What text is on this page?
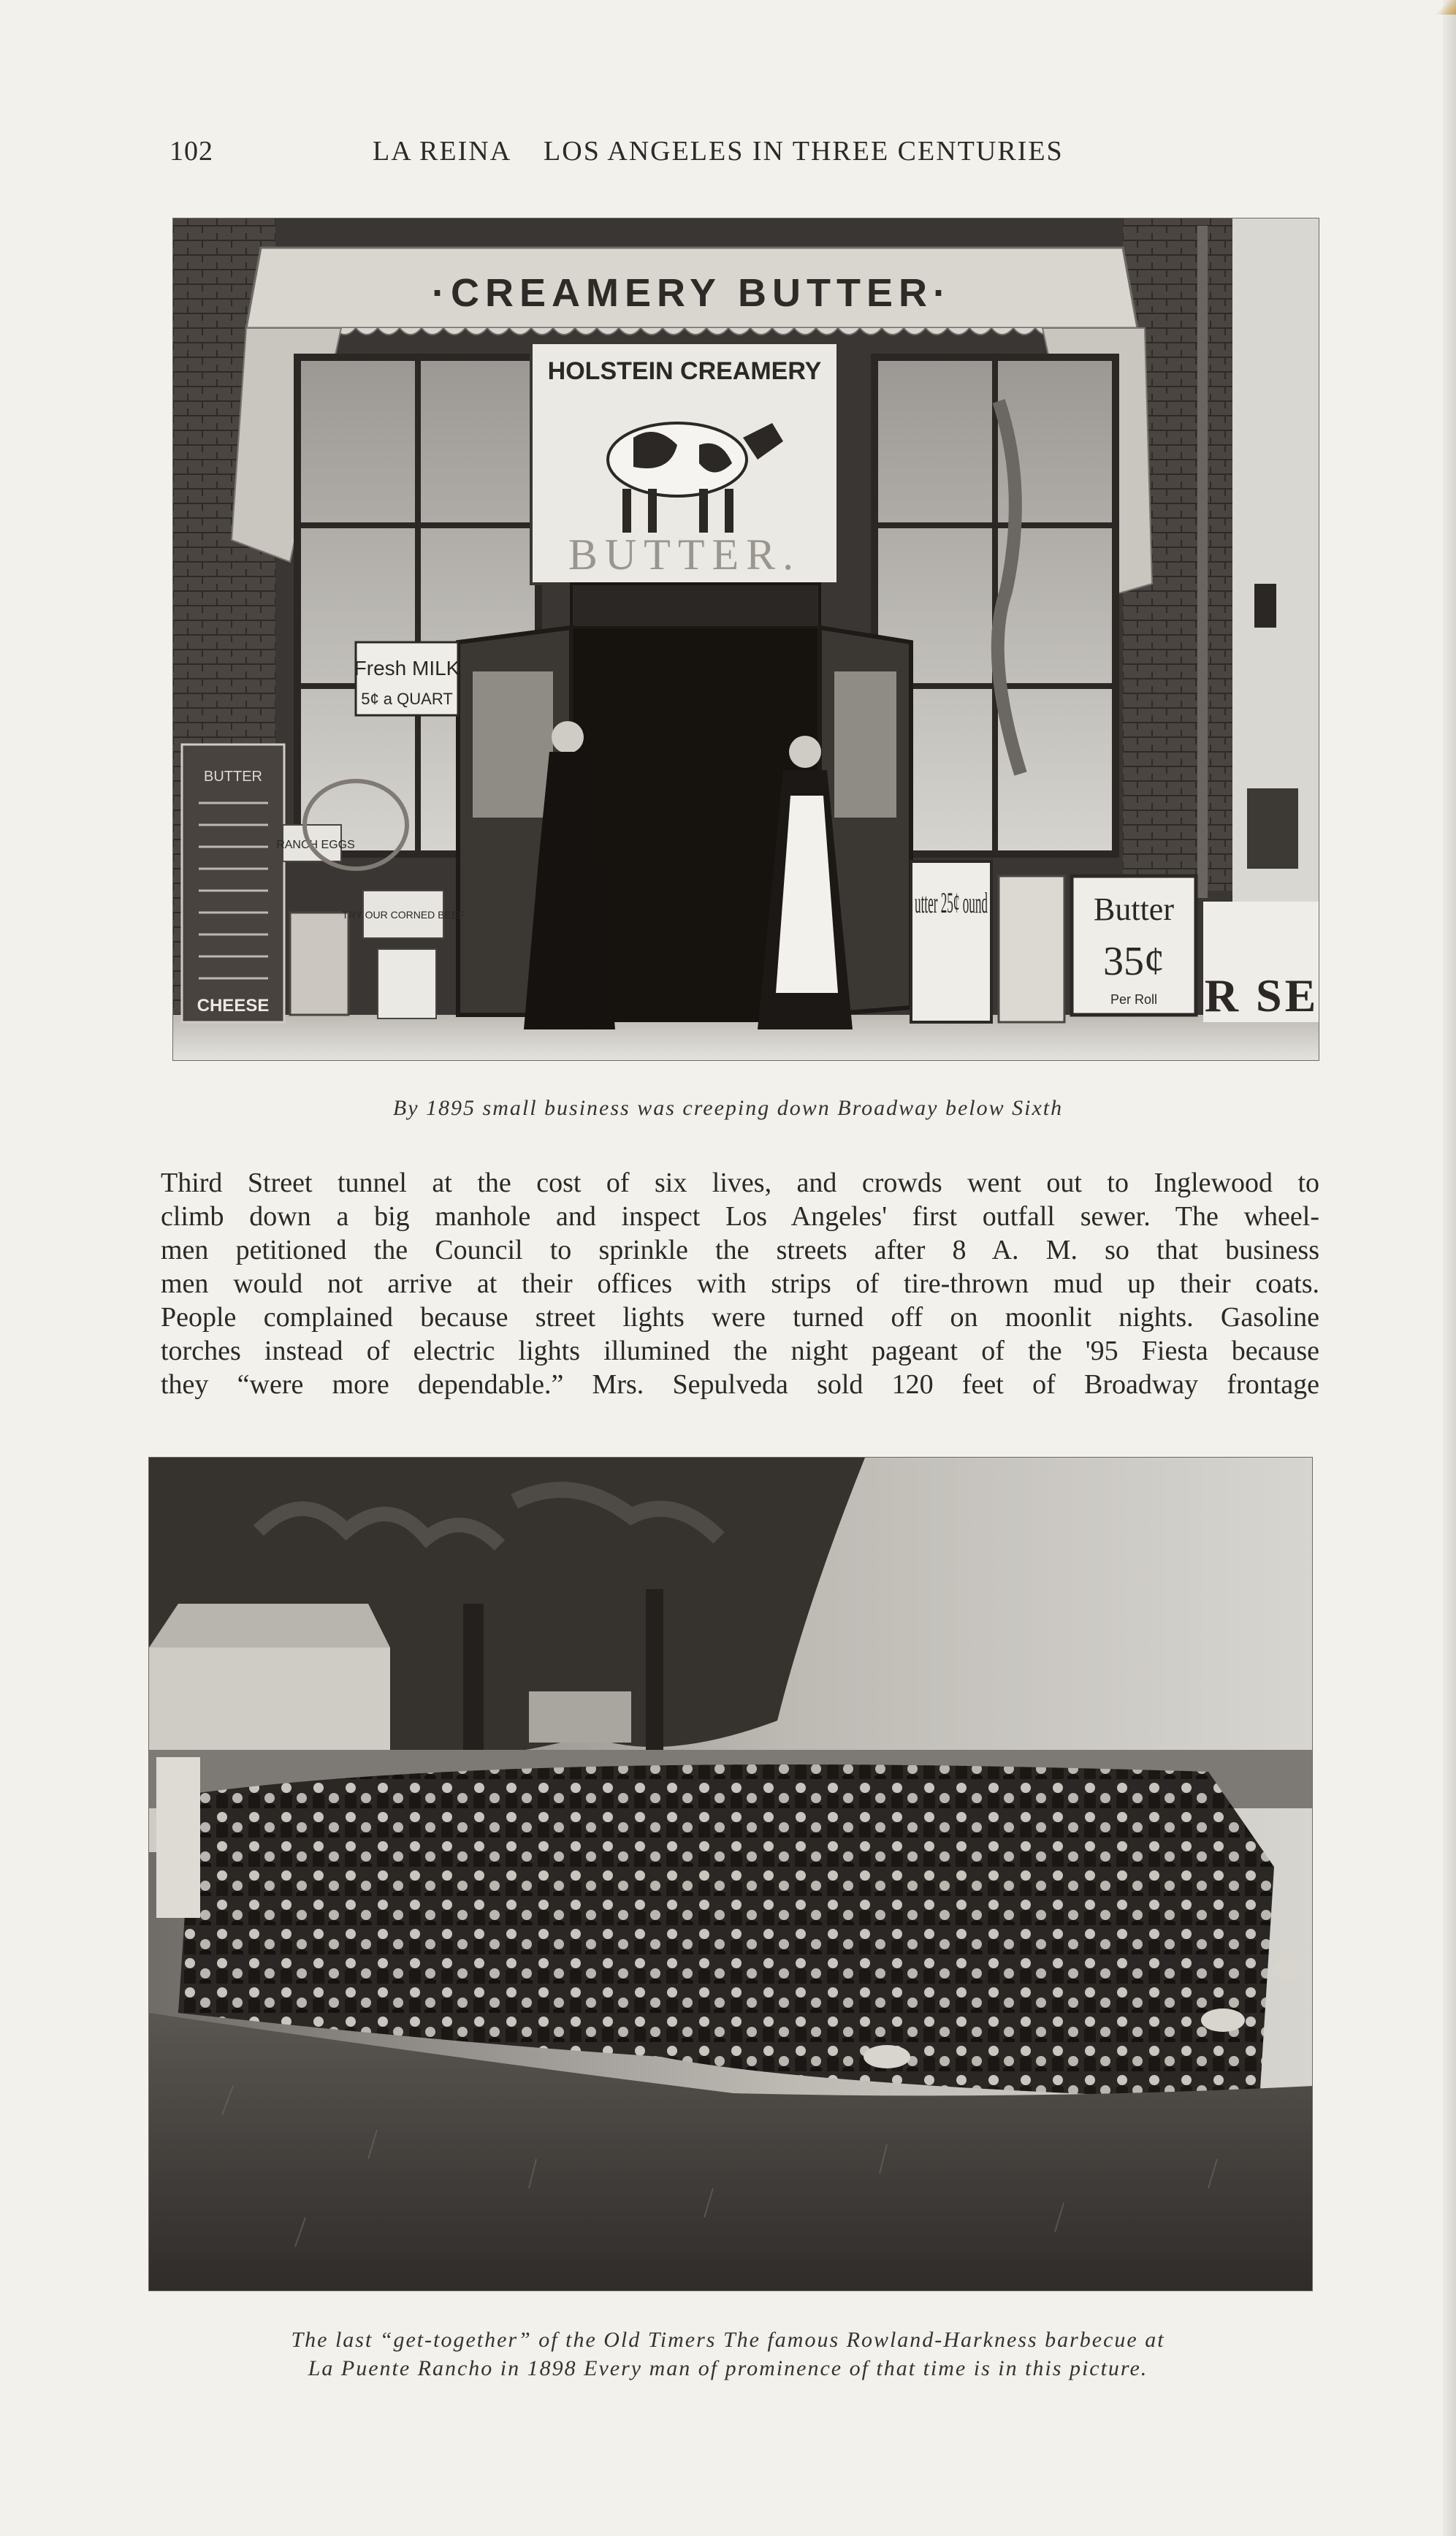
102	LA REINA    LOS ANGELES IN THREE CENTURIES
·CREAMERY BUTTER·
HOLSTEIN CREAMERY
BUTTER.
Fresh MILK
5¢ a QUART
BUTTER
CHEESE
RANCH EGGS
TRY OUR CORNED BEEF	utter 25¢ ound	Butter
35¢
Per Roll R SE
By 1895 small business was creeping down Broadway below Sixth
Third Street tunnel at the cost of six lives, and crowds went out to Inglewood to
climb down a big manhole and inspect Los Angeles' first outfall sewer. The wheel-
men petitioned the Council to sprinkle the streets after 8 A. M. so that business
men would not arrive at their offices with strips of tire-thrown mud up their coats.
People complained because street lights were turned off on moonlit nights. Gasoline
torches instead of electric lights illumined the night pageant of the '95 Fiesta because
they “were more dependable.” Mrs. Sepulveda sold 120 feet of Broadway frontage
The last “get-together” of the Old Timers The famous Rowland-Harkness barbecue at
La Puente Rancho in 1898 Every man of prominence of that time is in this picture.
